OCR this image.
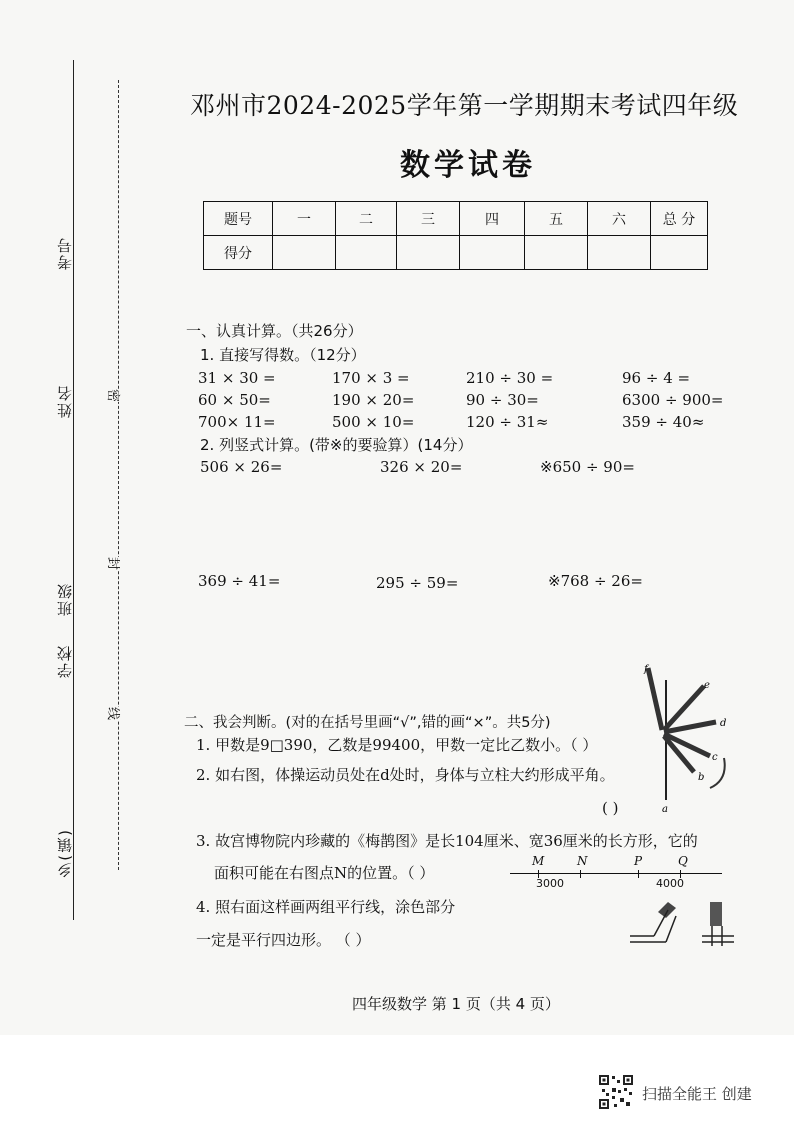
考号
姓名
班级
学校
乡(镇)
密
封
线
邓州市2024-2025学年第一学期期末考试四年级
数学试卷
题号	一	二	三	四	五	六	总 分
得分							
一、认真计算。（共26分）
1. 直接写得数。（12分）
31 × 30 =	170 × 3 =	210 ÷ 30 =	96 ÷ 4 =
60 × 50=	190 × 20=	90 ÷ 30=	6300 ÷ 900=
700× 11=	500 × 10=	120 ÷ 31≈	359 ÷ 40≈
2. 列竖式计算。(带※的要验算）(14分）
506 × 26=	326 × 20=	※650 ÷ 90=
369 ÷ 41=	295 ÷ 59=	※768 ÷ 26=
二、我会判断。(对的在括号里画“√”,错的画“×”。共5分)
1. 甲数是9□390，乙数是99400，甲数一定比乙数小。（ ）
2. 如右图，体操运动员处在d处时，身体与立柱大约形成平角。
( )
3. 故宫博物院内珍藏的《梅鹊图》是长104厘米、宽36厘米的长方形，它的
面积可能在右图点N的位置。（ ）
4. 照右面这样画两组平行线，涂色部分
一定是平行四边形。 （ ）
f
e
d
c
b
a
M	N	P	Q
3000	4000
四年级数学 第 1 页（共 4 页）
扫描全能王 创建
